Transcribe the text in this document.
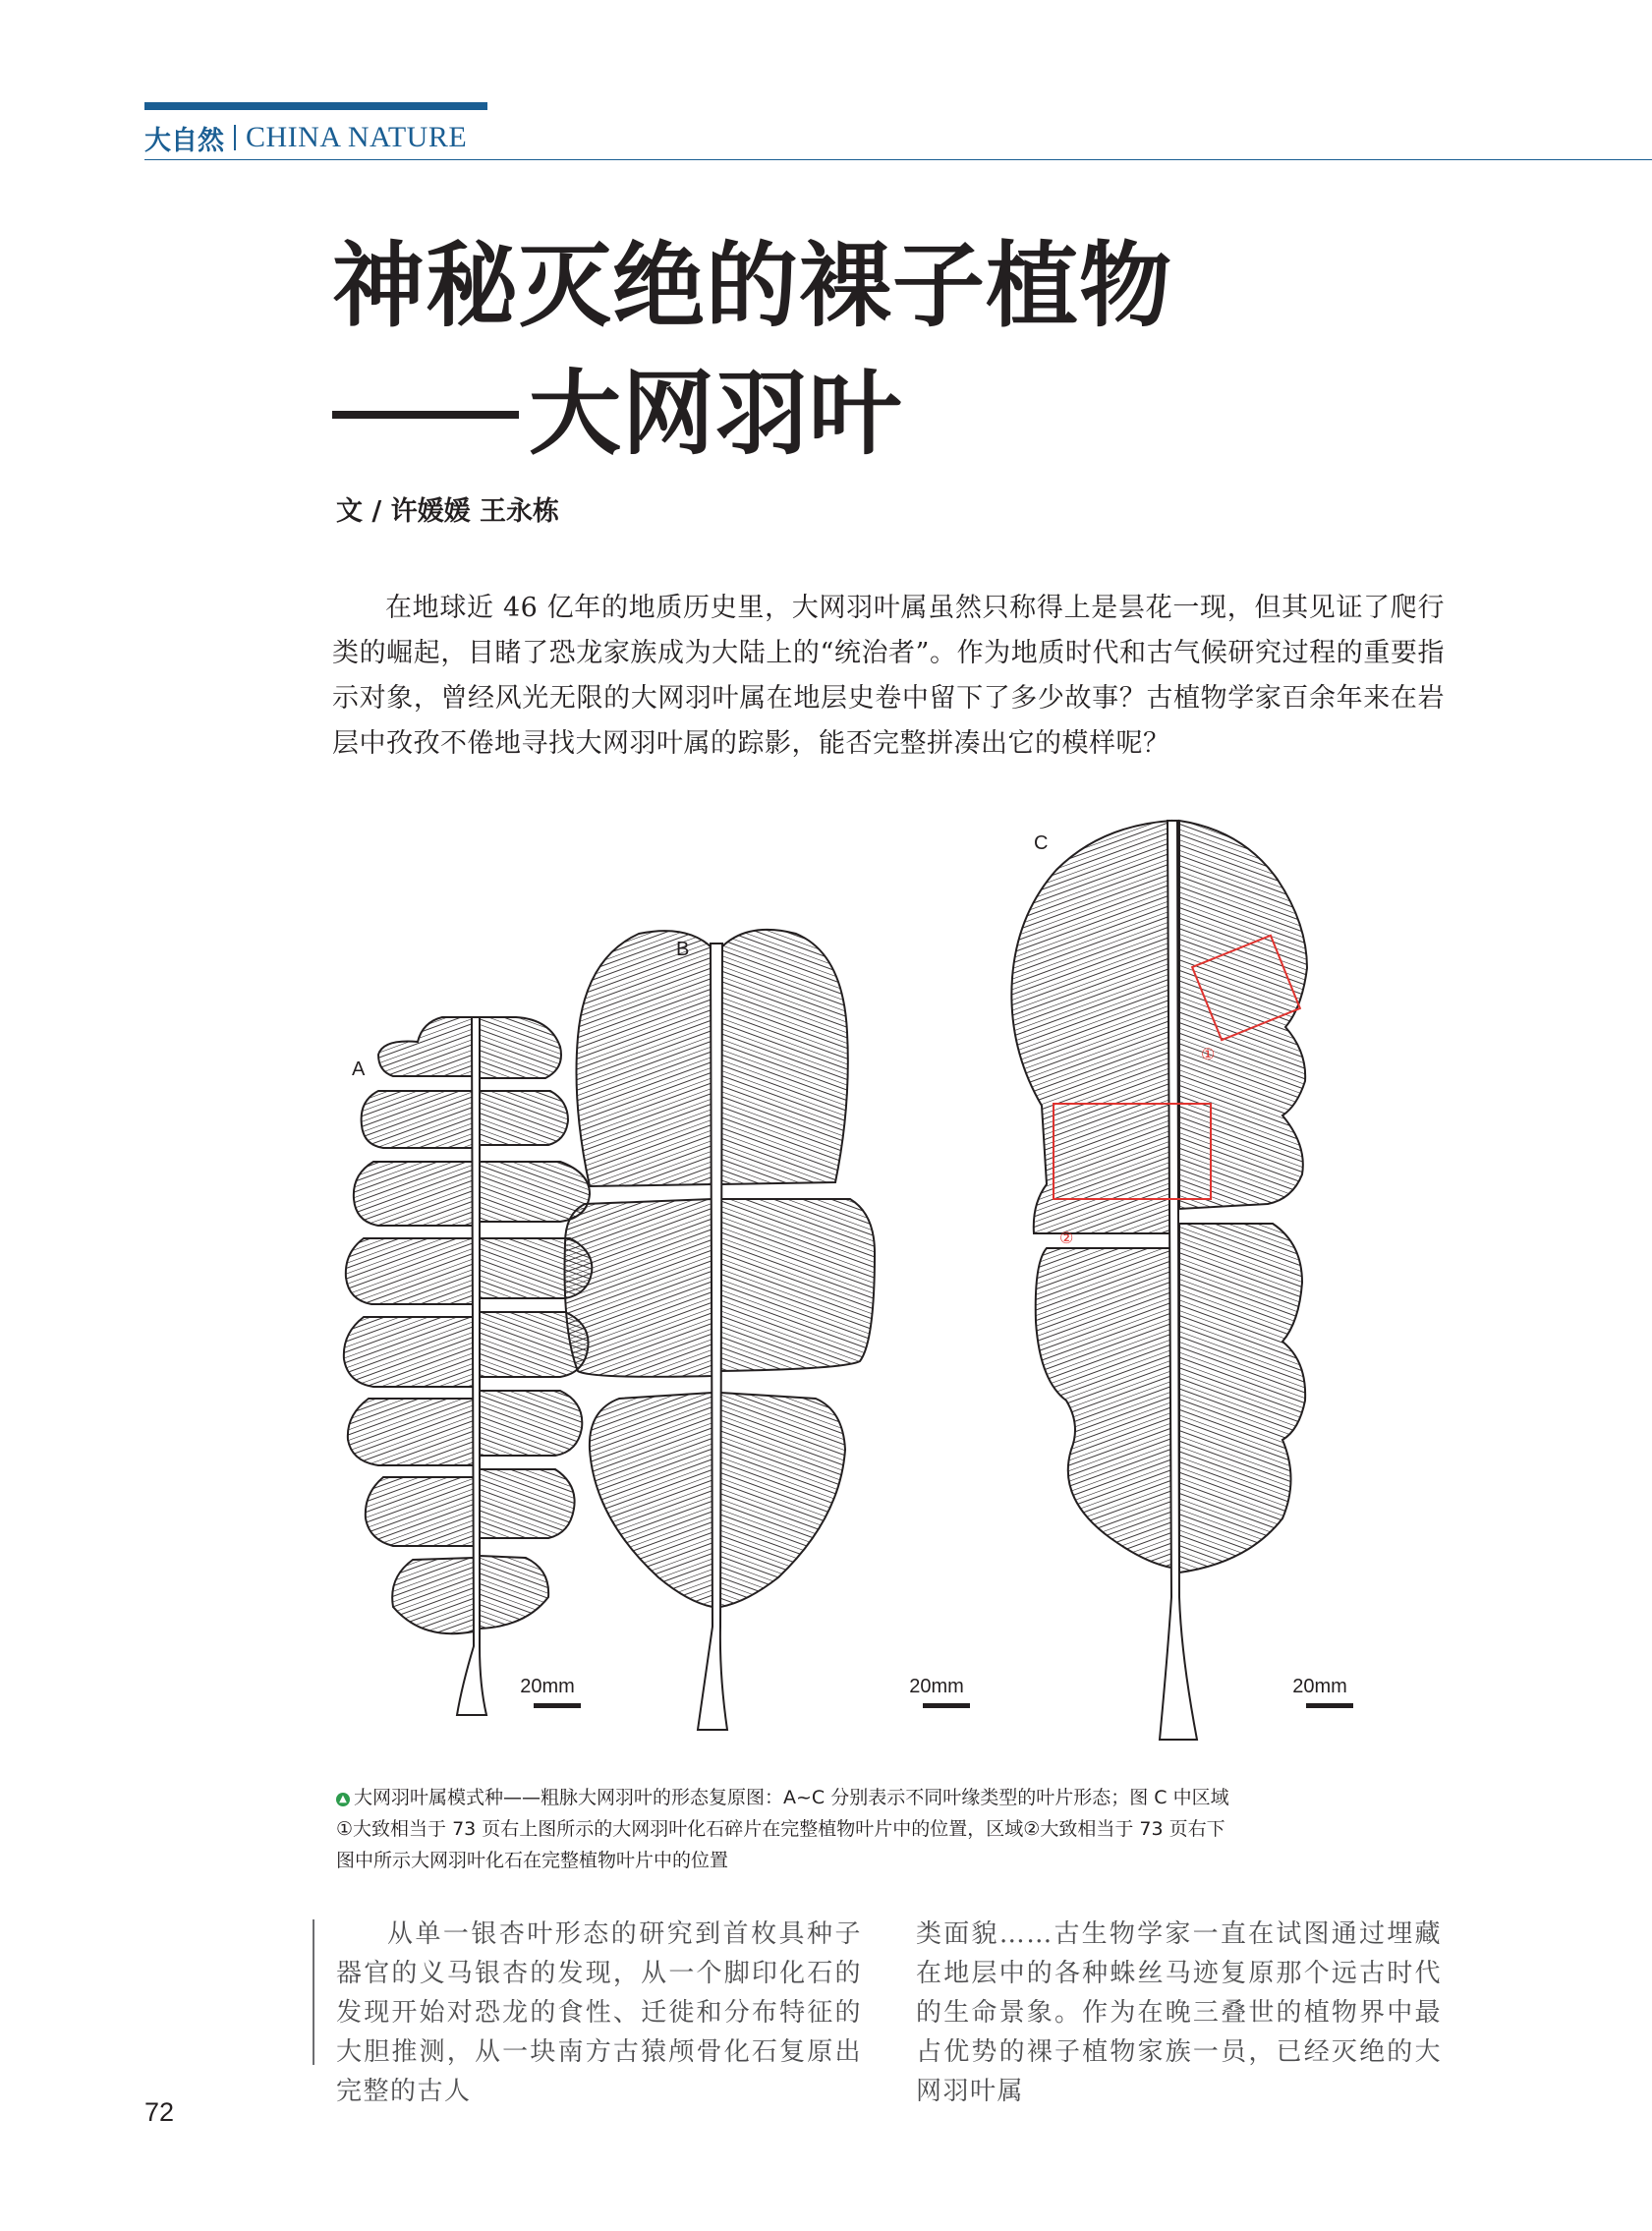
大自然 CHINA NATURE
神秘灭绝的裸子植物
大网羽叶
文 / 许媛媛 王永栋

在地球近 46 亿年的地质历史里，大网羽叶属虽然只称得上是昙花一现，但其见证了爬行类的崛起，目睹了恐龙家族成为大陆上的“统治者”。作为地质时代和古气候研究过程的重要指示对象，曾经风光无限的大网羽叶属在地层史卷中留下了多少故事？古植物学家百余年来在岩层中孜孜不倦地寻找大网羽叶属的踪影，能否完整拼凑出它的模样呢？

A
B
C
①
②
20mm	20mm	20mm
▲ 大网羽叶属模式种——粗脉大网羽叶的形态复原图：A~C 分别表示不同叶缘类型的叶片形态；图 C 中区域①大致相当于 73 页右上图所示的大网羽叶化石碎片在完整植物叶片中的位置，区域②大致相当于 73 页右下图中所示大网羽叶化石在完整植物叶片中的位置

从单一银杏叶形态的研究到首枚具种子器官的义马银杏的发现，从一个脚印化石的发现开始对恐龙的食性、迁徙和分布特征的大胆推测，从一块南方古猿颅骨化石复原出完整的古人

类面貌……古生物学家一直在试图通过埋藏在地层中的各种蛛丝马迹复原那个远古时代的生命景象。作为在晚三叠世的植物界中最占优势的裸子植物家族一员，已经灭绝的大网羽叶属

72
